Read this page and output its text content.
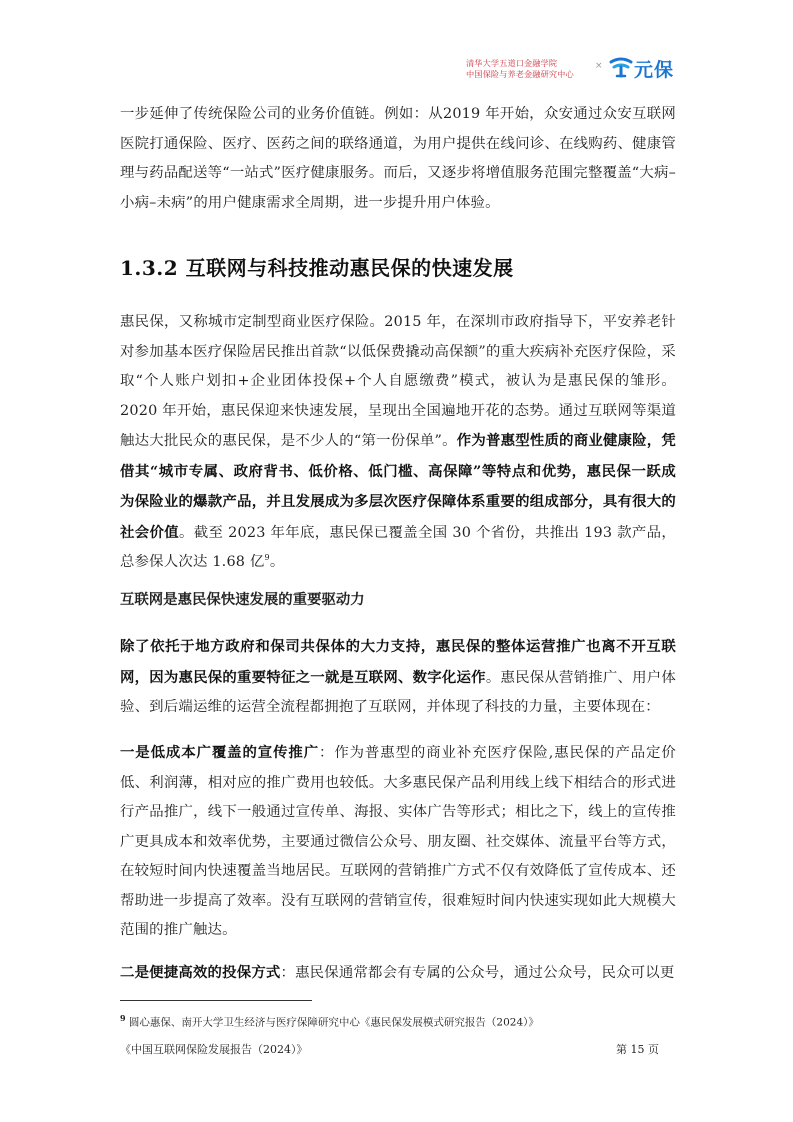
清华大学五道口金融学院
中国保险与养老金融研究中心
× 元保

一步延伸了传统保险公司的业务价值链。例如：从2019 年开始，众安通过众安互联网医院打通保险、医疗、医药之间的联络通道，为用户提供在线问诊、在线购药、健康管理与药品配送等“一站式”医疗健康服务。而后，又逐步将增值服务范围完整覆盖“大病–小病–未病”的用户健康需求全周期，进一步提升用户体验。

1.3.2 互联网与科技推动惠民保的快速发展

惠民保，又称城市定制型商业医疗保险。2015 年，在深圳市政府指导下，平安养老针对参加基本医疗保险居民推出首款“以低保费撬动高保额”的重大疾病补充医疗保险，采取“个人账户划扣+企业团体投保+个人自愿缴费”模式，被认为是惠民保的雏形。2020 年开始，惠民保迎来快速发展，呈现出全国遍地开花的态势。通过互联网等渠道触达大批民众的惠民保，是不少人的“第一份保单”。作为普惠型性质的商业健康险，凭借其“城市专属、政府背书、低价格、低门槛、高保障”等特点和优势，惠民保一跃成为保险业的爆款产品，并且发展成为多层次医疗保障体系重要的组成部分，具有很大的社会价值。截至 2023 年年底，惠民保已覆盖全国 30 个省份，共推出 193 款产品，总参保人次达 1.68 亿$^9$。

互联网是惠民保快速发展的重要驱动力

除了依托于地方政府和保司共保体的大力支持，惠民保的整体运营推广也离不开互联网，因为惠民保的重要特征之一就是互联网、数字化运作。惠民保从营销推广、用户体验、到后端运维的运营全流程都拥抱了互联网，并体现了科技的力量，主要体现在：

一是低成本广覆盖的宣传推广：作为普惠型的商业补充医疗保险,惠民保的产品定价低、利润薄，相对应的推广费用也较低。大多惠民保产品利用线上线下相结合的形式进行产品推广，线下一般通过宣传单、海报、实体广告等形式；相比之下，线上的宣传推广更具成本和效率优势，主要通过微信公众号、朋友圈、社交媒体、流量平台等方式，在较短时间内快速覆盖当地居民。互联网的营销推广方式不仅有效降低了宣传成本、还帮助进一步提高了效率。没有互联网的营销宣传，很难短时间内快速实现如此大规模大范围的推广触达。

二是便捷高效的投保方式：惠民保通常都会有专属的公众号，通过公众号，民众可以更

$^9$ 圆心惠保、南开大学卫生经济与医疗保障研究中心《惠民保发展模式研究报告（2024）》
《中国互联网保险发展报告（2024）》	第 15 页
